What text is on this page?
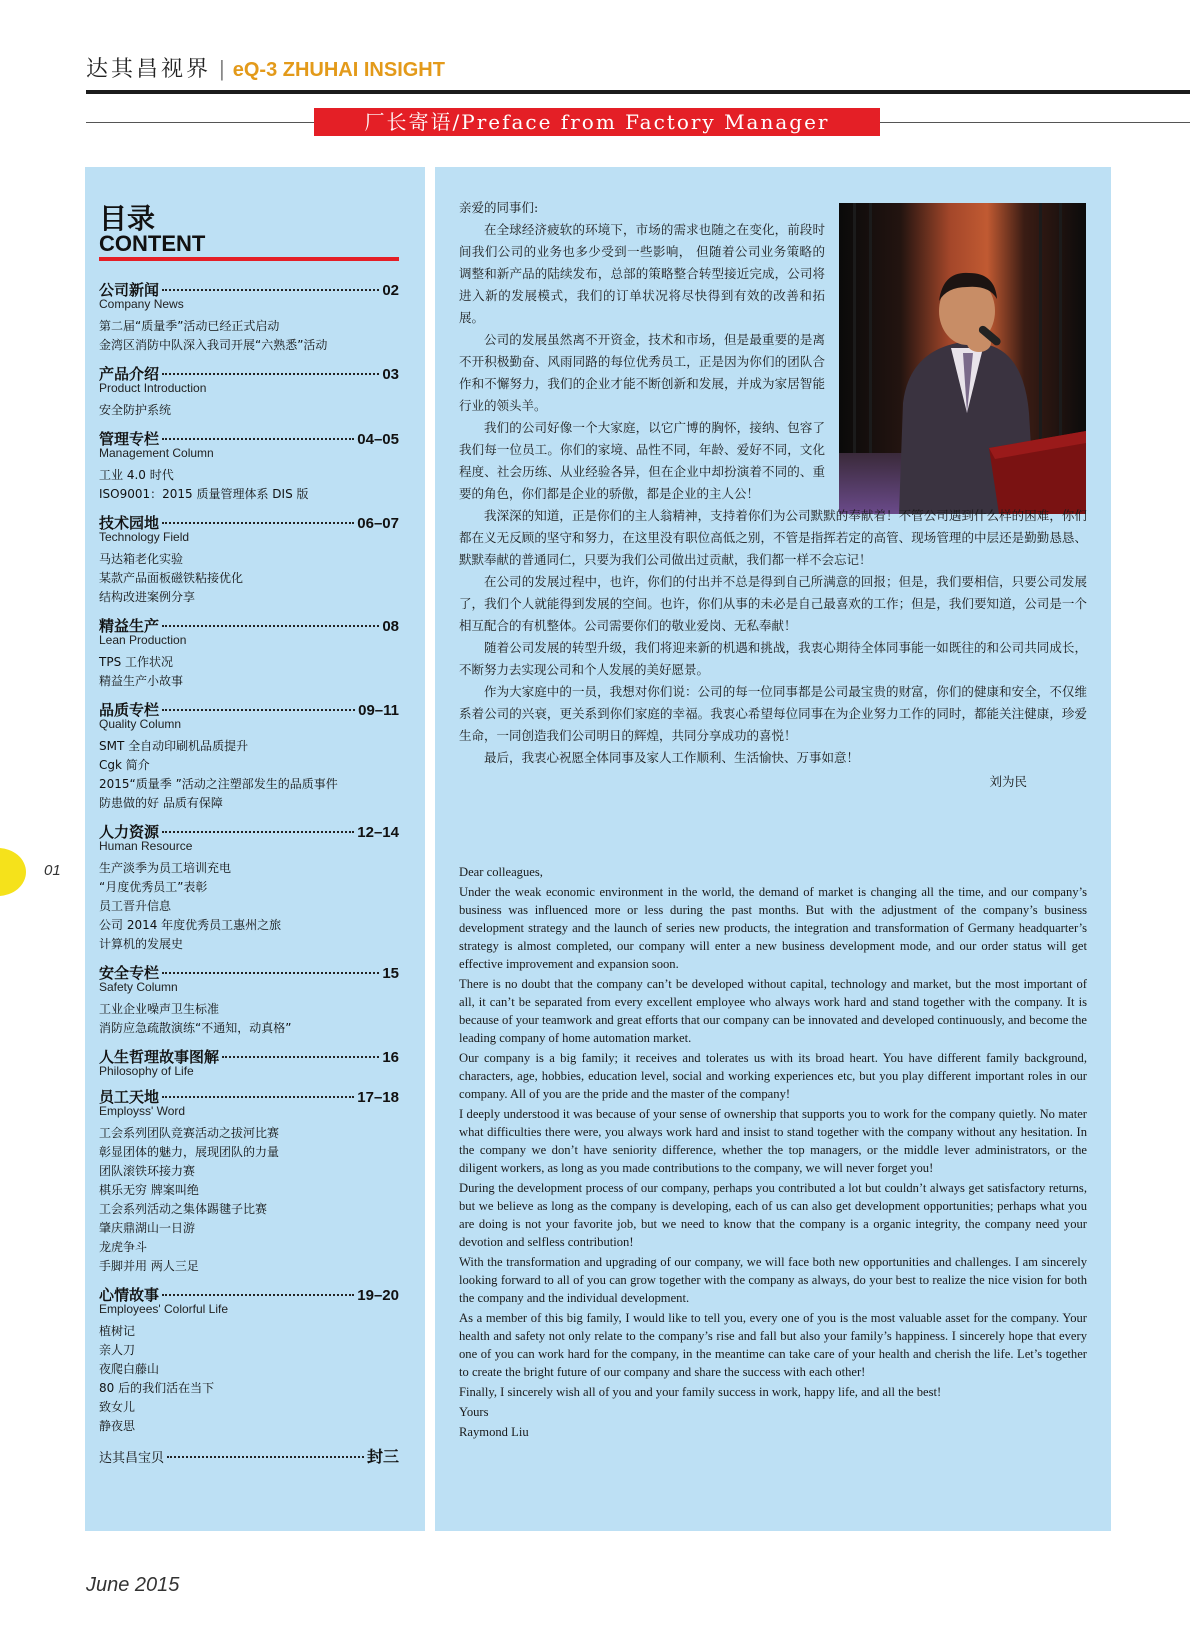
达其昌视界 | eQ-3 ZHUHAI INSIGHT
厂长寄语/Preface from Factory Manager
目录
CONTENT
公司新闻	02
Company News
第二届“质量季”活动已经正式启动
金湾区消防中队深入我司开展“六熟悉”活动
产品介绍	03
Product Introduction
安全防护系统
管理专栏	04–05
Management Column
工业 4.0 时代
ISO9001：2015 质量管理体系 DIS 版
技术园地	06–07
Technology Field
马达箱老化实验
某款产品面板磁铁粘接优化
结构改进案例分享
精益生产	08
Lean Production
TPS 工作状况
精益生产小故事
品质专栏	09–11
Quality Column
SMT 全自动印刷机品质提升
Cgk 简介
2015“质量季 ”活动之注塑部发生的品质事件
防患做的好 品质有保障
人力资源	12–14
Human Resource
生产淡季为员工培训充电
“月度优秀员工”表彰
员工晋升信息
公司 2014 年度优秀员工惠州之旅
计算机的发展史
安全专栏	15
Safety Column
工业企业噪声卫生标准
消防应急疏散演练“不通知，动真格”
人生哲理故事图解	16
Philosophy of Life
员工天地	17–18
Employss' Word
工会系列团队竞赛活动之拔河比赛
彰显团体的魅力，展现团队的力量
团队滚铁环接力赛
棋乐无穷 牌案叫绝
工会系列活动之集体踢毽子比赛
肇庆鼎湖山一日游
龙虎争斗
手脚并用 两人三足
心情故事	19–20
Employees' Colorful Life
植树记
亲人刀
夜爬白藤山
80 后的我们活在当下
致女儿
静夜思
达其昌宝贝	封三
亲爱的同事们:

在全球经济疲软的环境下，市场的需求也随之在变化，前段时间我们公司的业务也多少受到一些影响， 但随着公司业务策略的调整和新产品的陆续发布，总部的策略整合转型接近完成，公司将进入新的发展模式，我们的订单状况将尽快得到有效的改善和拓展。

公司的发展虽然离不开资金，技术和市场，但是最重要的是离不开积极勤奋、风雨同路的每位优秀员工，正是因为你们的团队合作和不懈努力，我们的企业才能不断创新和发展，并成为家居智能行业的领头羊。

我们的公司好像一个大家庭，以它广博的胸怀，接纳、包容了我们每一位员工。你们的家境、品性不同，年龄、爱好不同，文化程度、社会历练、从业经验各异，但在企业中却扮演着不同的、重要的角色，你们都是企业的骄傲，都是企业的主人公！

我深深的知道，正是你们的主人翁精神，支持着你们为公司默默的奉献着！不管公司遇到什么样的困难，你们都在义无反顾的坚守和努力，在这里没有职位高低之别，不管是指挥若定的高管、现场管理的中层还是勤勤恳恳、默默奉献的普通同仁，只要为我们公司做出过贡献，我们都一样不会忘记！

在公司的发展过程中，也许，你们的付出并不总是得到自己所满意的回报；但是，我们要相信，只要公司发展了，我们个人就能得到发展的空间。也许，你们从事的未必是自己最喜欢的工作；但是，我们要知道，公司是一个相互配合的有机整体。公司需要你们的敬业爱岗、无私奉献！

随着公司发展的转型升级，我们将迎来新的机遇和挑战，我衷心期待全体同事能一如既往的和公司共同成长，不断努力去实现公司和个人发展的美好愿景。

作为大家庭中的一员，我想对你们说：公司的每一位同事都是公司最宝贵的财富，你们的健康和安全，不仅维系着公司的兴衰，更关系到你们家庭的幸福。我衷心希望每位同事在为企业努力工作的同时，都能关注健康，珍爱生命，一同创造我们公司明日的辉煌，共同分享成功的喜悦！

最后，我衷心祝愿全体同事及家人工作顺利、生活愉快、万事如意！

刘为民

Dear colleagues,

Under the weak economic environment in the world, the demand of market is changing all the time, and our company’s business was influenced more or less during the past months. But with the adjustment of the company’s business development strategy and the launch of series new products, the integration and transformation of Germany headquarter’s strategy is almost completed, our company will enter a new business development mode, and our order status will get effective improvement and expansion soon.

There is no doubt that the company can’t be developed without capital, technology and market, but the most important of all, it can’t be separated from every excellent employee who always work hard and stand together with the company. It is because of your teamwork and great efforts that our company can be innovated and developed continuously, and become the leading company of home automation market.

Our company is a big family; it receives and tolerates us with its broad heart. You have different family background, characters, age, hobbies, education level, social and working experiences etc, but you play different important roles in our company. All of you are the pride and the master of the company!

I deeply understood it was because of your sense of ownership that supports you to work for the company quietly. No mater what difficulties there were, you always work hard and insist to stand together with the company without any hesitation. In the company we don’t have seniority difference, whether the top managers, or the middle lever administrators, or the diligent workers, as long as you made contributions to the company, we will never forget you!

During the development process of our company, perhaps you contributed a lot but couldn’t always get satisfactory returns, but we believe as long as the company is developing, each of us can also get development opportunities; perhaps what you are doing is not your favorite job, but we need to know that the company is a organic integrity, the company need your devotion and selfless contribution!

With the transformation and upgrading of our company, we will face both new opportunities and challenges. I am sincerely looking forward to all of you can grow together with the company as always, do your best to realize the nice vision for both the company and the individual development.

As a member of this big family, I would like to tell you, every one of you is the most valuable asset for the company. Your health and safety not only relate to the company’s rise and fall but also your family’s happiness. I sincerely hope that every one of you can work hard for the company, in the meantime can take care of your health and cherish the life. Let’s together to create the bright future of our company and share the success with each other!

Finally, I sincerely wish all of you and your family success in work, happy life, and all the best!

Yours

Raymond Liu

01
June 2015
